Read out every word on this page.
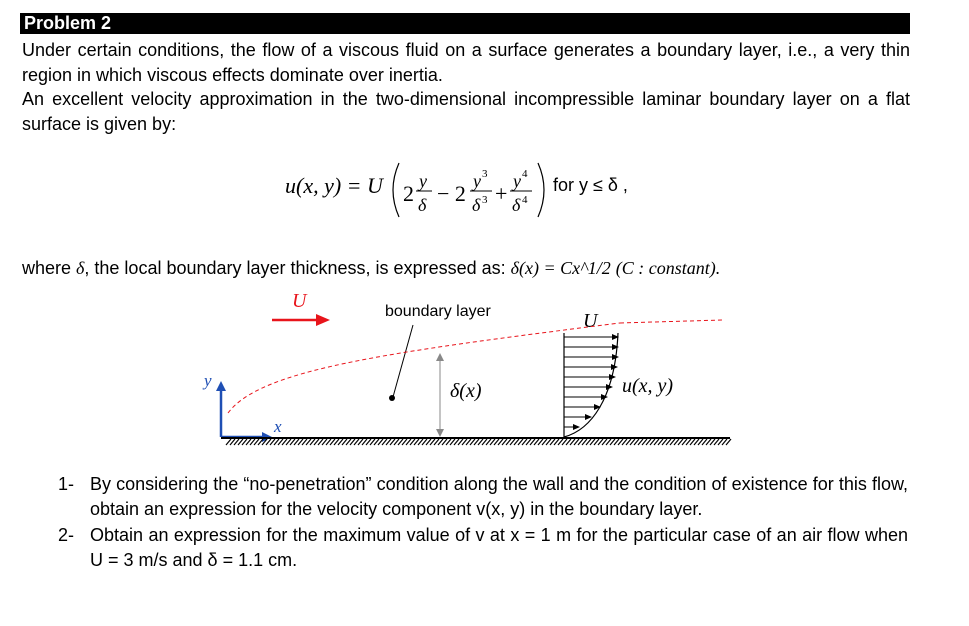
Problem 2

Under certain conditions, the flow of a viscous fluid on a surface generates a boundary layer, i.e., a very thin region in which viscous effects dominate over inertia.

An excellent velocity approximation in the two-dimensional incompressible laminar boundary layer on a flat surface is given by:

u(x, y) = U 2 y
δ − 2 y 3
δ 3 + y 4
δ 4
for y ≤ δ ,
where δ, the local boundary layer thickness, is expressed as: δ(x) = Cx^1/2 (C : constant).
U	boundary layer	U
δ(x)	u(x, y)
y
x
1- By considering the “no-penetration” condition along the wall and the condition of existence for this flow, obtain an expression for the velocity component v(x, y) in the boundary layer.
2- Obtain an expression for the maximum value of v at x = 1 m for the particular case of an air flow when U = 3 m/s and δ = 1.1 cm.
